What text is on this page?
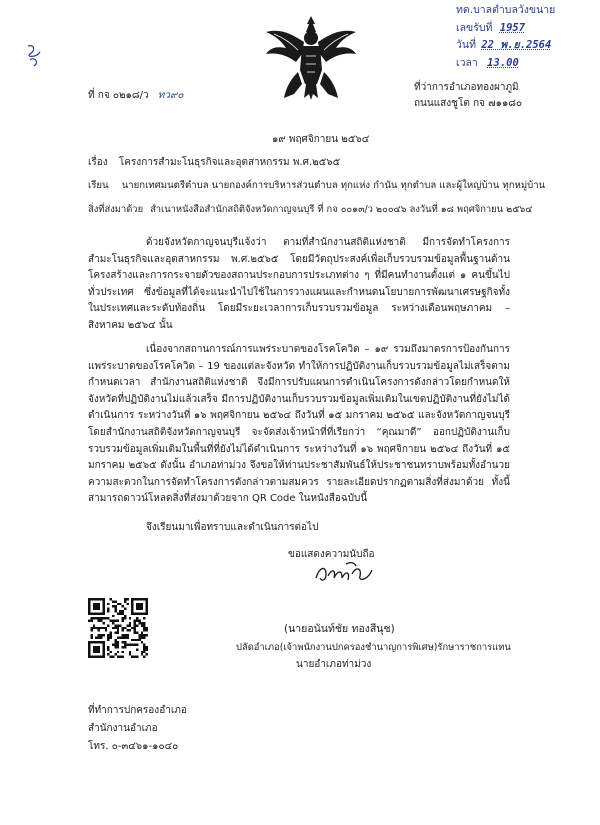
ทต.บาลตำบลวังขนาย
เลขรับที่ 1957
วันที่ 22 พ.ย.2564
เวลา 13.00
ที่ กจ ๐๒๑๘/ว ทว๙๐
ที่ว่าการอำเภอทองผาภูมิ
ถนนแสงชูโต กจ ๗๑๑๘๐
๑๙ พฤศจิกายน ๒๕๖๔
เรื่อง โครงการสำมะโนธุรกิจและอุตสาหกรรม พ.ศ.๒๕๖๕
เรียน นายกเทศมนตรีตำบล นายกองค์การบริหารส่วนตำบล ทุกแห่ง กำนัน ทุกตำบล และผู้ใหญ่บ้าน ทุกหมู่บ้าน
สิ่งที่ส่งมาด้วย สำเนาหนังสือสำนักสถิติจังหวัดกาญจนบุรี ที่ กจ ๐๐๑๓/ว ๒๐๐๔๖ ลงวันที่ ๑๘ พฤศจิกายน ๒๕๖๔
ด้วยจังหวัดกาญจนบุรีแจ้งว่า ตามที่สำนักงานสถิติแห่งชาติ มีการจัดทำโครงการสำมะโนธุรกิจและอุตสาหกรรม พ.ศ.๒๕๖๕ โดยมีวัตถุประสงค์เพื่อเก็บรวบรวมข้อมูลพื้นฐานด้านโครงสร้างและการกระจายตัวของสถานประกอบการประเภทต่าง ๆ ที่มีคนทำงานตั้งแต่ ๑ คนขึ้นไปทั่วประเทศ ซึ่งข้อมูลที่ได้จะแนะนำไปใช้ในการวางแผนและกำหนดนโยบายการพัฒนาเศรษฐกิจทั้งในประเทศและระดับท้องถิ่น โดยมีระยะเวลาการเก็บรวบรวมข้อมูล ระหว่างเดือนพฤษภาคม – สิงหาคม ๒๕๖๔ นั้น
เนื่องจากสถานการณ์การแพร่ระบาดของโรคโควิด – ๑๙ รวมถึงมาตรการป้องกันการแพร่ระบาดของโรคโควิด – 19 ของแต่ละจังหวัด ทำให้การปฏิบัติงานเก็บรวบรวมข้อมูลไม่เสร็จตามกำหนดเวลา สำนักงานสถิติแห่งชาติ จึงมีการปรับแผนการดำเนินโครงการดังกล่าวโดยกำหนดให้จังหวัดที่ปฏิบัติงานไม่แล้วเสร็จ มีการปฏิบัติงานเก็บรวบรวมข้อมูลเพิ่มเติมในเขตปฏิบัติงานที่ยังไม่ได้ดำเนินการ ระหว่างวันที่ ๑๖ พฤศจิกายน ๒๕๖๔ ถึงวันที่ ๑๕ มกราคม ๒๕๖๕ และจังหวัดกาญจนบุรี โดยสำนักงานสถิติจังหวัดกาญจนบุรี จะจัดส่งเจ้าหน้าที่ที่เรียกว่า “คุณมาดี” ออกปฏิบัติงานเก็บรวบรวมข้อมูลเพิ่มเติมในพื้นที่ที่ยังไม่ได้ดำเนินการ ระหว่างวันที่ ๑๖ พฤศจิกายน ๒๕๖๔ ถึงวันที่ ๑๕ มกราคม ๒๕๖๕ ดังนั้น อำเภอท่าม่วง จึงขอให้ท่านประชาสัมพันธ์ให้ประชาชนทราบพร้อมทั้งอำนวยความสะดวกในการจัดทำโครงการดังกล่าวตามสมควร รายละเอียดปรากฏตามสิ่งที่ส่งมาด้วย ทั้งนี้ สามารถดาวน์โหลดสิ่งที่ส่งมาด้วยจาก QR Code ในหนังสือฉบับนี้
จึงเรียนมาเพื่อทราบและดำเนินการต่อไป
ขอแสดงความนับถือ
(นายอนันท์ชัย ทองสีนุช)
ปลัดอำเภอ(เจ้าพนักงานปกครองชำนาญการพิเศษ)รักษาราชการแทน
นายอำเภอท่าม่วง
ที่ทำการปกครองอำเภอ
สำนักงานอำเภอ
โทร. ๐-๓๔๖๑-๑๐๔๐
